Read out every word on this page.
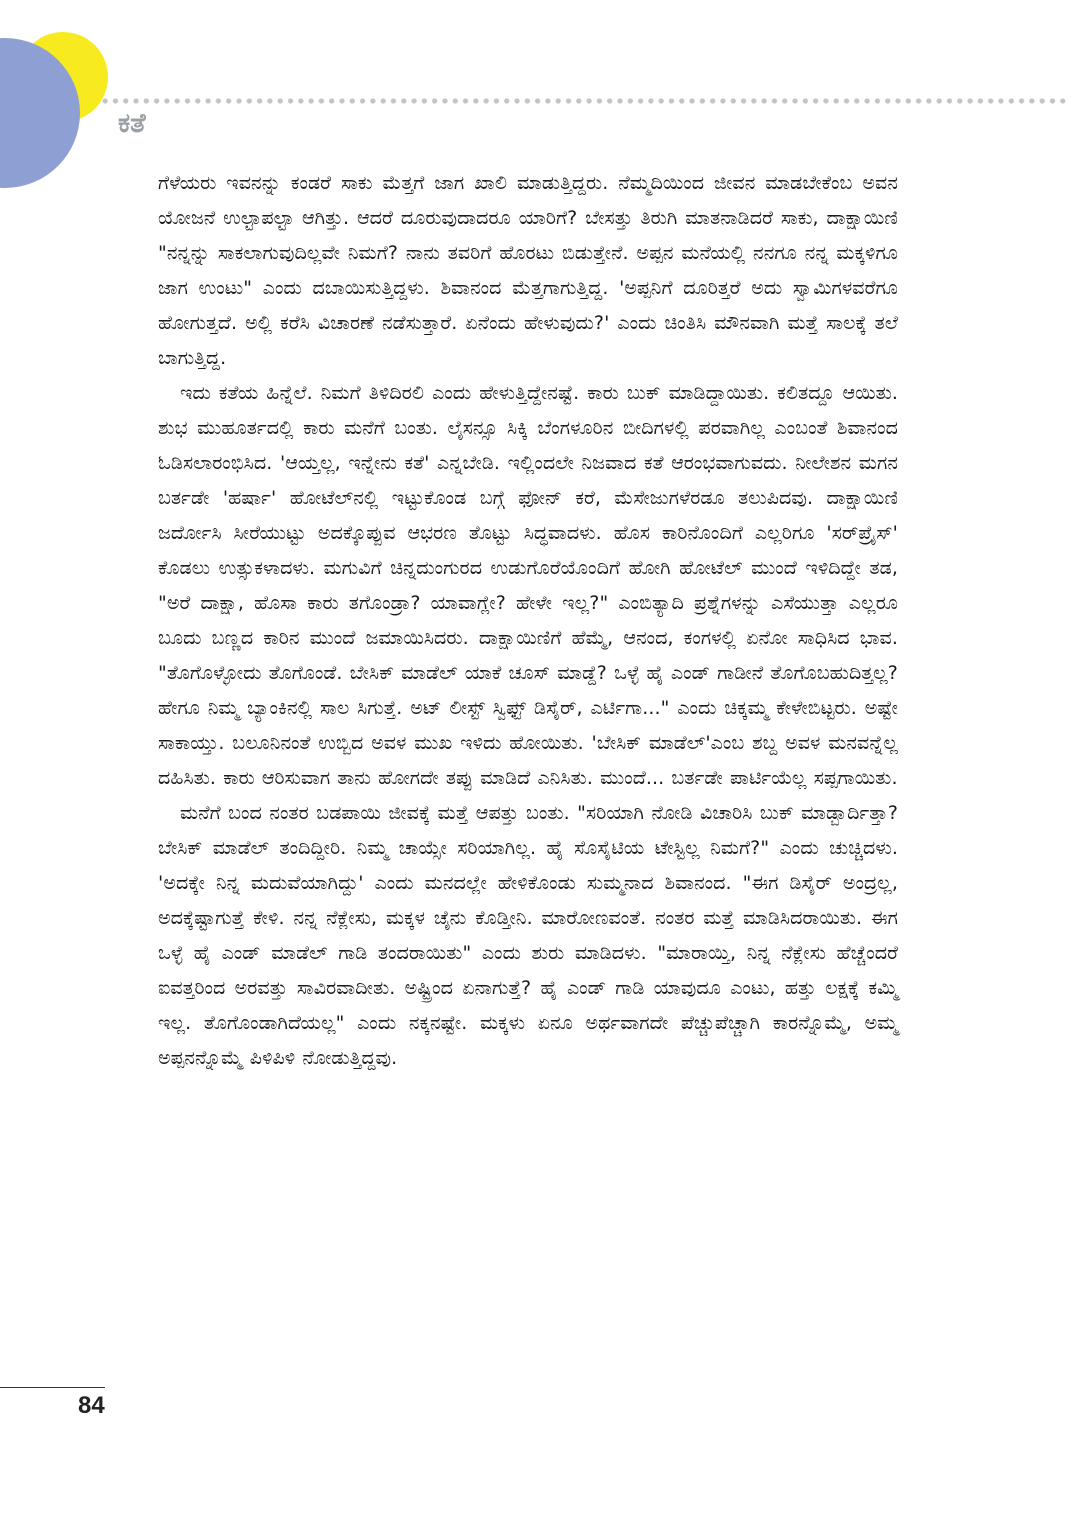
ಕತೆ

ಗೆಳೆಯರು ಇವನನ್ನು ಕಂಡರೆ ಸಾಕು ಮೆತ್ತಗೆ ಜಾಗ ಖಾಲಿ ಮಾಡುತ್ತಿದ್ದರು. ನೆಮ್ಮದಿಯಿಂದ ಜೀವನ ಮಾಡಬೇಕೆಂಬ ಅವನ ಯೋಜನೆ ಉಲ್ಟಾಪಲ್ಟಾ ಆಗಿತ್ತು. ಆದರೆ ದೂರುವುದಾದರೂ ಯಾರಿಗೆ? ಬೇಸತ್ತು ತಿರುಗಿ ಮಾತನಾಡಿದರೆ ಸಾಕು, ದಾಕ್ಷಾಯಿಣಿ "ನನ್ನನ್ನು ಸಾಕಲಾಗುವುದಿಲ್ಲವೇ ನಿಮಗೆ? ನಾನು ತವರಿಗೆ ಹೊರಟು ಬಿಡುತ್ತೇನೆ. ಅಪ್ಪನ ಮನೆಯಲ್ಲಿ ನನಗೂ ನನ್ನ ಮಕ್ಕಳಿಗೂ ಜಾಗ ಉಂಟು" ಎಂದು ದಬಾಯಿಸುತ್ತಿದ್ದಳು. ಶಿವಾನಂದ ಮೆತ್ತಗಾಗುತ್ತಿದ್ದ. 'ಅಪ್ಪನಿಗೆ ದೂರಿತ್ತರೆ ಅದು ಸ್ವಾಮಿಗಳವರೆಗೂ ಹೋಗುತ್ತದೆ. ಅಲ್ಲಿ ಕರೆಸಿ ವಿಚಾರಣೆ ನಡೆಸುತ್ತಾರೆ. ಏನೆಂದು ಹೇಳುವುದು?' ಎಂದು ಚಿಂತಿಸಿ ಮೌನವಾಗಿ ಮತ್ತೆ ಸಾಲಕ್ಕೆ ತಲೆ ಬಾಗುತ್ತಿದ್ದ.

ಇದು ಕತೆಯ ಹಿನ್ನೆಲೆ. ನಿಮಗೆ ತಿಳಿದಿರಲಿ ಎಂದು ಹೇಳುತ್ತಿದ್ದೇನಷ್ಟೆ. ಕಾರು ಬುಕ್ ಮಾಡಿದ್ದಾಯಿತು. ಕಲಿತದ್ದೂ ಆಯಿತು. ಶುಭ ಮುಹೂರ್ತದಲ್ಲಿ ಕಾರು ಮನೆಗೆ ಬಂತು. ಲೈಸನ್ಸೂ ಸಿಕ್ಕಿ ಬೆಂಗಳೂರಿನ ಬೀದಿಗಳಲ್ಲಿ ಪರವಾಗಿಲ್ಲ ಎಂಬಂತೆ ಶಿವಾನಂದ ಓಡಿಸಲಾರಂಭಿಸಿದ. 'ಆಯ್ತಲ್ಲ, ಇನ್ನೇನು ಕತೆ' ಎನ್ನಬೇಡಿ. ಇಲ್ಲಿಂದಲೇ ನಿಜವಾದ ಕತೆ ಆರಂಭವಾಗುವದು. ನೀಲೇಶನ ಮಗನ ಬರ್ತಡೇ 'ಹರ್ಷಾ' ಹೋಟೆಲ್‌ನಲ್ಲಿ ಇಟ್ಟುಕೊಂಡ ಬಗ್ಗೆ ಫೋನ್ ಕರೆ, ಮೆಸೇಜುಗಳೆರಡೂ ತಲುಪಿದವು. ದಾಕ್ಷಾಯಿಣಿ ಜರ್ದೋಸಿ ಸೀರೆಯುಟ್ಟು ಅದಕ್ಕೊಪ್ಪುವ ಆಭರಣ ತೊಟ್ಟು ಸಿದ್ಧವಾದಳು. ಹೊಸ ಕಾರಿನೊಂದಿಗೆ ಎಲ್ಲರಿಗೂ 'ಸರ್‌ಪ್ರೈಸ್' ಕೊಡಲು ಉತ್ಸುಕಳಾದಳು. ಮಗುವಿಗೆ ಚಿನ್ನದುಂಗುರದ ಉಡುಗೊರೆಯೊಂದಿಗೆ ಹೋಗಿ ಹೋಟೆಲ್ ಮುಂದೆ ಇಳಿದಿದ್ದೇ ತಡ, "ಅರೆ ದಾಕ್ಷಾ, ಹೊಸಾ ಕಾರು ತಗೊಂಡ್ರಾ? ಯಾವಾಗ್ಲೇ? ಹೇಳೇ ಇಲ್ಲ?" ಎಂಬಿತ್ಯಾದಿ ಪ್ರಶ್ನೆಗಳನ್ನು ಎಸೆಯುತ್ತಾ ಎಲ್ಲರೂ ಬೂದು ಬಣ್ಣದ ಕಾರಿನ ಮುಂದೆ ಜಮಾಯಿಸಿದರು. ದಾಕ್ಷಾಯಿಣಿಗೆ ಹೆಮ್ಮೆ, ಆನಂದ, ಕಂಗಳಲ್ಲಿ ಏನೋ ಸಾಧಿಸಿದ ಭಾವ. "ತೊಗೊಳ್ಳೋದು ತೊಗೊಂಡೆ. ಬೇಸಿಕ್ ಮಾಡೆಲ್ ಯಾಕೆ ಚೂಸ್ ಮಾಡ್ದೆ? ಒಳ್ಳೆ ಹೈ ಎಂಡ್ ಗಾಡೀನೆ ತೊಗೊಬಹುದಿತ್ತಲ್ಲ? ಹೇಗೂ ನಿಮ್ಮ ಬ್ಯಾಂಕಿನಲ್ಲಿ ಸಾಲ ಸಿಗುತ್ತೆ. ಅಟ್ ಲೀಸ್ಟ್ ಸ್ವಿಫ್ಟ್ ಡಿಸೈರ್, ಎರ್ಟಿಗಾ..." ಎಂದು ಚಿಕ್ಕಮ್ಮ ಕೇಳೇಬಿಟ್ಟರು. ಅಷ್ಟೇ ಸಾಕಾಯ್ತು. ಬಲೂನಿನಂತೆ ಉಬ್ಬಿದ ಅವಳ ಮುಖ ಇಳಿದು ಹೋಯಿತು. 'ಬೇಸಿಕ್ ಮಾಡೆಲ್'ಎಂಬ ಶಬ್ದ ಅವಳ ಮನವನ್ನೆಲ್ಲ ದಹಿಸಿತು. ಕಾರು ಆರಿಸುವಾಗ ತಾನು ಹೋಗದೇ ತಪ್ಪು ಮಾಡಿದೆ ಎನಿಸಿತು. ಮುಂದೆ... ಬರ್ತಡೇ ಪಾರ್ಟಿಯೆಲ್ಲ ಸಪ್ಪಗಾಯಿತು.

ಮನೆಗೆ ಬಂದ ನಂತರ ಬಡಪಾಯಿ ಜೀವಕ್ಕೆ ಮತ್ತೆ ಆಪತ್ತು ಬಂತು. "ಸರಿಯಾಗಿ ನೋಡಿ ವಿಚಾರಿಸಿ ಬುಕ್ ಮಾಡ್ಬಾರ್ದಿತ್ತಾ? ಬೇಸಿಕ್ ಮಾಡೆಲ್ ತಂದಿದ್ದೀರಿ. ನಿಮ್ಮ ಚಾಯ್ಸೇ ಸರಿಯಾಗಿಲ್ಲ. ಹೈ ಸೊಸೈಟಿಯ ಟೇಸ್ಟಿಲ್ಲ ನಿಮಗೆ?" ಎಂದು ಚುಚ್ಚಿದಳು. 'ಅದಕ್ಕೇ ನಿನ್ನ ಮದುವೆಯಾಗಿದ್ದು' ಎಂದು ಮನದಲ್ಲೇ ಹೇಳಿಕೊಂಡು ಸುಮ್ಮನಾದ ಶಿವಾನಂದ. "ಈಗ ಡಿಸೈರ್ ಅಂದ್ರಲ್ಲ, ಅದಕ್ಕೆಷ್ಟಾಗುತ್ತೆ ಕೇಳಿ. ನನ್ನ ನೆಕ್ಲೇಸು, ಮಕ್ಕಳ ಚೈನು ಕೊಡ್ತೀನಿ. ಮಾರೋಣವಂತೆ. ನಂತರ ಮತ್ತೆ ಮಾಡಿಸಿದರಾಯಿತು. ಈಗ ಒಳ್ಳೆ ಹೈ ಎಂಡ್ ಮಾಡೆಲ್ ಗಾಡಿ ತಂದರಾಯಿತು" ಎಂದು ಶುರು ಮಾಡಿದಳು. "ಮಾರಾಯ್ತಿ, ನಿನ್ನ ನೆಕ್ಲೇಸು ಹೆಚ್ಚೆಂದರೆ ಐವತ್ತರಿಂದ ಅರವತ್ತು ಸಾವಿರವಾದೀತು. ಅಷ್ಟ್ರಿಂದ ಏನಾಗುತ್ತೆ? ಹೈ ಎಂಡ್ ಗಾಡಿ ಯಾವುದೂ ಎಂಟು, ಹತ್ತು ಲಕ್ಷಕ್ಕೆ ಕಮ್ಮಿ ಇಲ್ಲ. ತೊಗೊಂಡಾಗಿದೆಯಲ್ಲ" ಎಂದು ನಕ್ಕನಷ್ಟೇ. ಮಕ್ಕಳು ಏನೂ ಅರ್ಥವಾಗದೇ ಪೆಚ್ಚುಪೆಚ್ಚಾಗಿ ಕಾರನ್ನೊಮ್ಮೆ, ಅಮ್ಮ ಅಪ್ಪನನ್ನೊಮ್ಮೆ ಪಿಳಿಪಿಳಿ ನೋಡುತ್ತಿದ್ದವು.

84
